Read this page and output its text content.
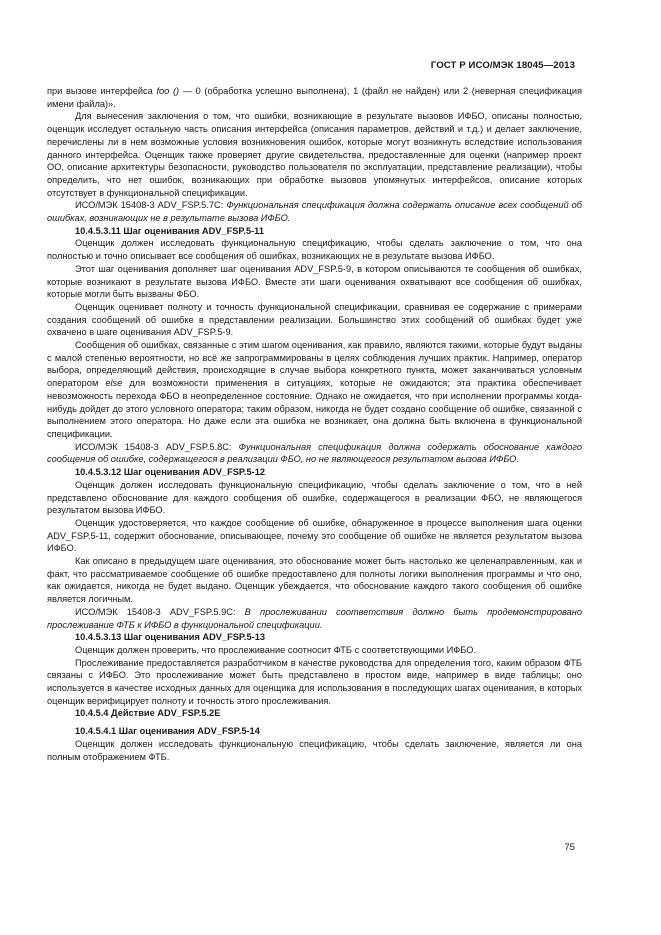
ГОСТ Р ИСО/МЭК 18045—2013

при вызове интерфейса foo () — 0 (обработка успешно выполнена), 1 (файл не найден) или 2 (неверная спецификация имени файла)».

Для вынесения заключения о том, что ошибки, возникающие в результате вызовов ИФБО, описаны полностью, оценщик исследует остальную часть описания интерфейса (описания параметров, действий и т.д.) и делает заключение, перечислены ли в нем возможные условия возникновения ошибок, которые могут возникнуть вследствие использования данного интерфейса. Оценщик также проверяет другие свидетельства, предоставленные для оценки (например проект ОО, описание архитектуры безопасности, руководство пользователя по эксплуатации, представление реализации), чтобы определить, что нет ошибок, возникающих при обработке вызовов упомянутых интерфейсов, описание которых отсутствует в функциональной спецификации.

ИСО/МЭК 15408-3 ADV_FSP.5.7C: Функциональная спецификация должна содержать описание всех сообщений об ошибках, возникающих не в результате вызова ИФБО.

10.4.5.3.11 Шаг оценивания ADV_FSP.5-11

Оценщик должен исследовать функциональную спецификацию, чтобы сделать заключение о том, что она полностью и точно описывает все сообщения об ошибках, возникающих не в результате вызова ИФБО.

Этот шаг оценивания дополняет шаг оценивания ADV_FSP.5-9, в котором описываются те сообщения об ошибках, которые возникают в результате вызова ИФБО. Вместе эти шаги оценивания охватывают все сообщения об ошибках, которые могли быть вызваны ФБО.

Оценщик оценивает полноту и точность функциональной спецификации, сравнивая ее содержание с примерами создания сообщений об ошибке в представлении реализации. Большинство этих сообщений об ошибках будет уже охвачено в шаге оценивания ADV_FSP.5-9.

Сообщения об ошибках, связанные с этим шагом оценивания, как правило, являются такими, которые будут выданы с малой степенью вероятности, но всё же запрограммированы в целях соблюдения лучших практик. Например, оператор выбора, определяющий действия, происходящие в случае выбора конкретного пункта, может заканчиваться условным оператором else для возможности применения в ситуациях, которые не ожидаются; эта практика обеспечивает невозможность перехода ФБО в неопределенное состояние. Однако не ожидается, что при исполнении программы когда-нибудь дойдет до этого условного оператора; таким образом, никогда не будет создано сообщение об ошибке, связанной с выполнением этого оператора. Но даже если эта ошибка не возникает, она должна быть включена в функциональной спецификации.

ИСО/МЭК 15408-3 ADV_FSP.5.8C: Функциональная спецификация должна содержать обоснование каждого сообщения об ошибке, содержащегося в реализации ФБО, но не являющегося результатом вызова ИФБО.

10.4.5.3.12 Шаг оценивания ADV_FSP.5-12

Оценщик должен исследовать функциональную спецификацию, чтобы сделать заключение о том, что в ней представлено обоснование для каждого сообщения об ошибке, содержащегося в реализации ФБО, не являющегося результатом вызова ИФБО.

Оценщик удостоверяется, что каждое сообщение об ошибке, обнаруженное в процессе выполнения шага оценки ADV_FSP.5-11, содержит обоснование, описывающее, почему это сообщение об ошибке не является результатом вызова ИФБО.

Как описано в предыдущем шаге оценивания, это обоснование может быть настолько же целенаправленным, как и факт, что рассматриваемое сообщение об ошибке предоставлено для полноты логики выполнения программы и что оно, как ожидается, никогда не будет выдано. Оценщик убеждается, что обоснование каждого такого сообщения об ошибке является логичным.

ИСО/МЭК 15408-3 ADV_FSP.5.9C: В прослеживании соответствия должно быть продемонстрировано прослеживание ФТБ к ИФБО в функциональной спецификации.

10.4.5.3.13 Шаг оценивания ADV_FSP.5-13

Оценщик должен проверить, что прослеживание соотносит ФТБ с соответствующими ИФБО.

Прослеживание предоставляется разработчиком в качестве руководства для определения того, каким образом ФТБ связаны с ИФБО. Это прослеживание может быть представлено в простом виде, например в виде таблицы; оно используется в качестве исходных данных для оценщика для использования в последующих шагах оценивания, в которых оценщик верифицирует полноту и точность этого прослеживания.

10.4.5.4 Действие ADV_FSP.5.2E

10.4.5.4.1 Шаг оценивания ADV_FSP.5-14

Оценщик должен исследовать функциональную спецификацию, чтобы сделать заключение, является ли она полным отображением ФТБ.

75
